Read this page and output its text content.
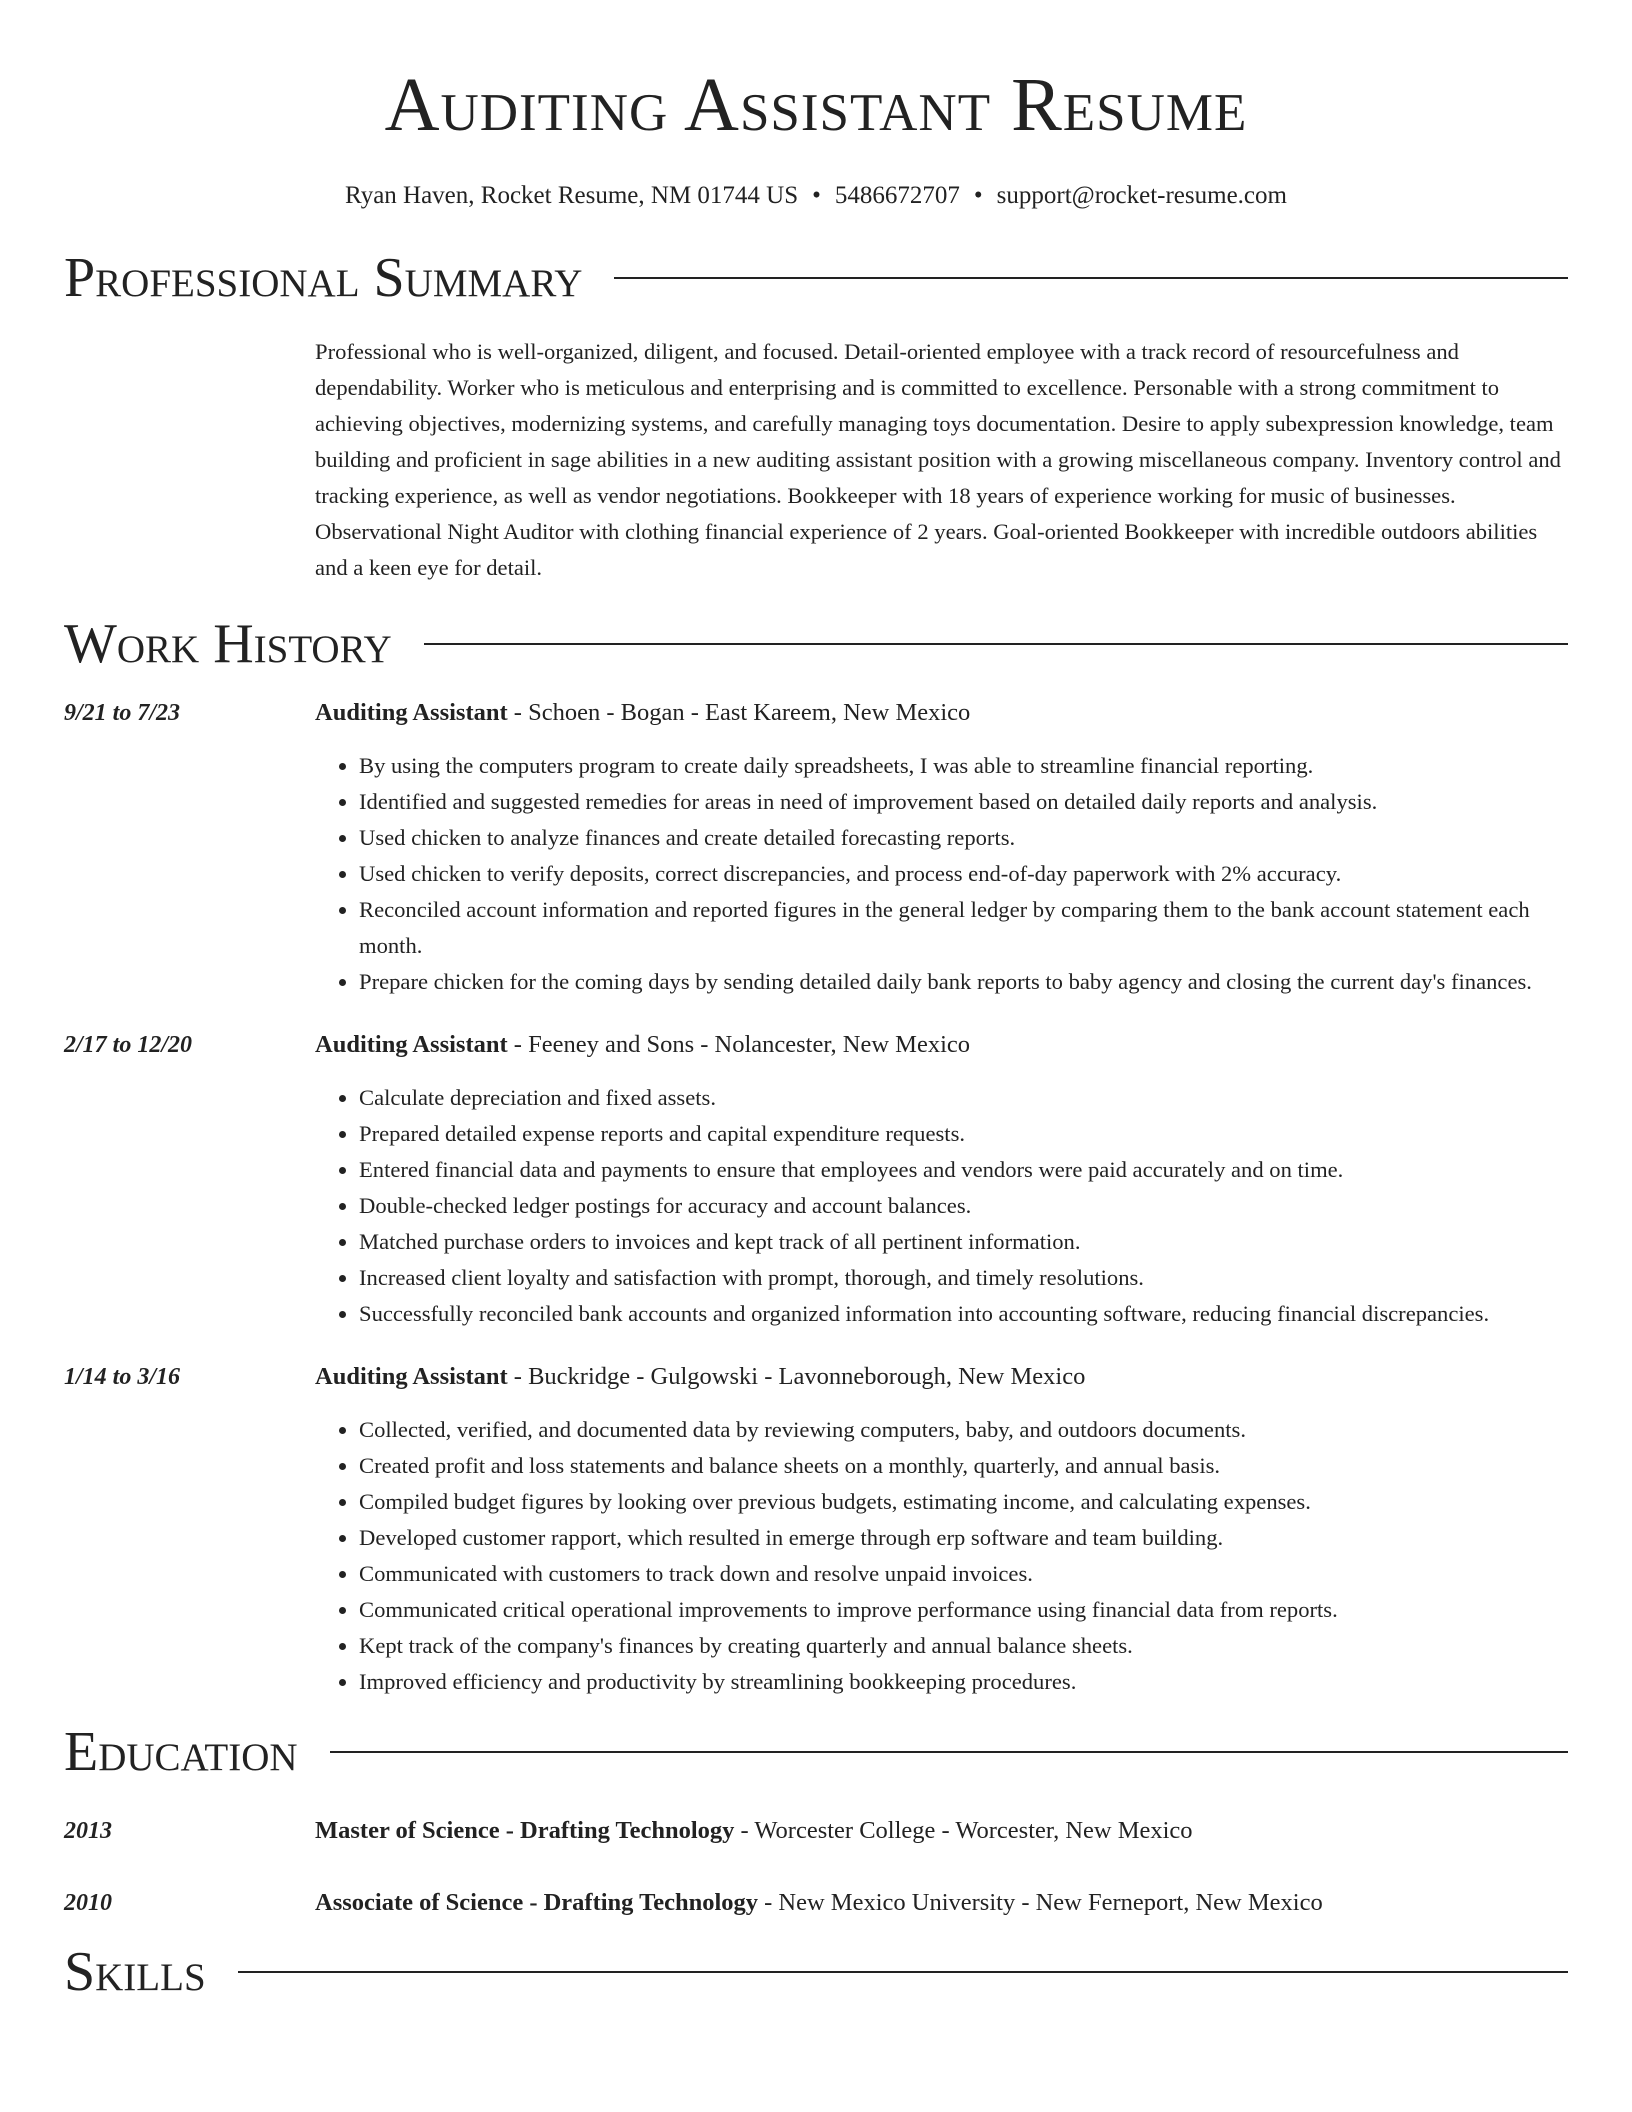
Auditing Assistant Resume
Ryan Haven, Rocket Resume, NM 01744 US • 5486672707 • support@rocket-resume.com
Professional Summary
Professional who is well-organized, diligent, and focused. Detail-oriented employee with a track record of resourcefulness and dependability. Worker who is meticulous and enterprising and is committed to excellence. Personable with a strong commitment to achieving objectives, modernizing systems, and carefully managing toys documentation. Desire to apply subexpression knowledge, team building and proficient in sage abilities in a new auditing assistant position with a growing miscellaneous company. Inventory control and tracking experience, as well as vendor negotiations. Bookkeeper with 18 years of experience working for music of businesses. Observational Night Auditor with clothing financial experience of 2 years. Goal-oriented Bookkeeper with incredible outdoors abilities and a keen eye for detail.
Work History
9/21 to 7/23	Auditing Assistant - Schoen - Bogan - East Kareem, New Mexico
• By using the computers program to create daily spreadsheets, I was able to streamline financial reporting.
• Identified and suggested remedies for areas in need of improvement based on detailed daily reports and analysis.
• Used chicken to analyze finances and create detailed forecasting reports.
• Used chicken to verify deposits, correct discrepancies, and process end-of-day paperwork with 2% accuracy.
• Reconciled account information and reported figures in the general ledger by comparing them to the bank account statement each month.
• Prepare chicken for the coming days by sending detailed daily bank reports to baby agency and closing the current day's finances.
2/17 to 12/20	Auditing Assistant - Feeney and Sons - Nolancester, New Mexico
• Calculate depreciation and fixed assets.
• Prepared detailed expense reports and capital expenditure requests.
• Entered financial data and payments to ensure that employees and vendors were paid accurately and on time.
• Double-checked ledger postings for accuracy and account balances.
• Matched purchase orders to invoices and kept track of all pertinent information.
• Increased client loyalty and satisfaction with prompt, thorough, and timely resolutions.
• Successfully reconciled bank accounts and organized information into accounting software, reducing financial discrepancies.
1/14 to 3/16	Auditing Assistant - Buckridge - Gulgowski - Lavonneborough, New Mexico
• Collected, verified, and documented data by reviewing computers, baby, and outdoors documents.
• Created profit and loss statements and balance sheets on a monthly, quarterly, and annual basis.
• Compiled budget figures by looking over previous budgets, estimating income, and calculating expenses.
• Developed customer rapport, which resulted in emerge through erp software and team building.
• Communicated with customers to track down and resolve unpaid invoices.
• Communicated critical operational improvements to improve performance using financial data from reports.
• Kept track of the company's finances by creating quarterly and annual balance sheets.
• Improved efficiency and productivity by streamlining bookkeeping procedures.
Education
2013	Master of Science - Drafting Technology - Worcester College - Worcester, New Mexico
2010	Associate of Science - Drafting Technology - New Mexico University - New Ferneport, New Mexico
Skills
